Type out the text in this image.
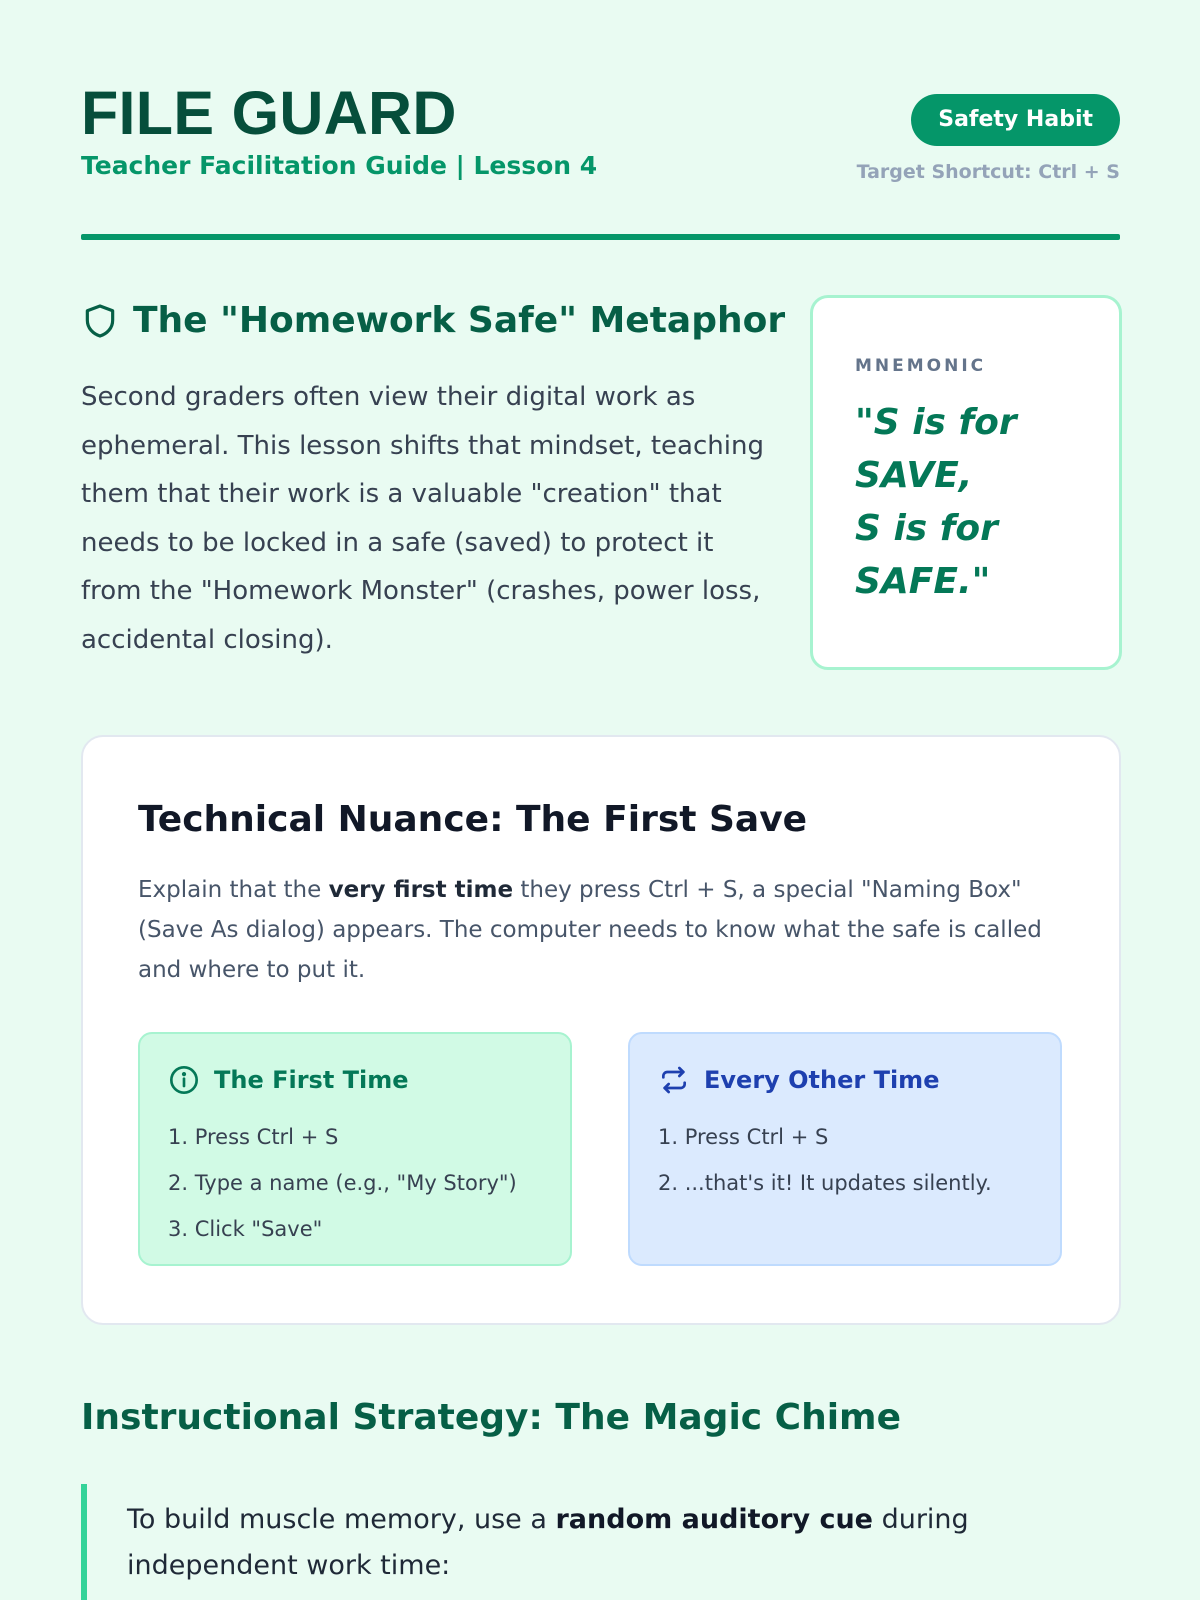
FILE GUARD
Teacher Facilitation Guide | Lesson 4
Safety Habit
Target Shortcut: Ctrl + S
The "Homework Safe" Metaphor
Second graders often view their digital work as ephemeral. This lesson shifts that mindset, teaching them that their work is a valuable "creation" that needs to be locked in a safe (saved) to protect it from the "Homework Monster" (crashes, power loss, accidental closing).
MNEMONIC
"S is for SAVE,
S is for SAFE."
Technical Nuance: The First Save
Explain that the very first time they press Ctrl + S, a special "Naming Box" (Save As dialog) appears. The computer needs to know what the safe is called and where to put it.
The First Time
1. Press Ctrl + S
2. Type a name (e.g., "My Story")
3. Click "Save"
Every Other Time
1. Press Ctrl + S
2. ...that's it! It updates silently.
Instructional Strategy: The Magic Chime
To build muscle memory, use a random auditory cue during independent work time:
